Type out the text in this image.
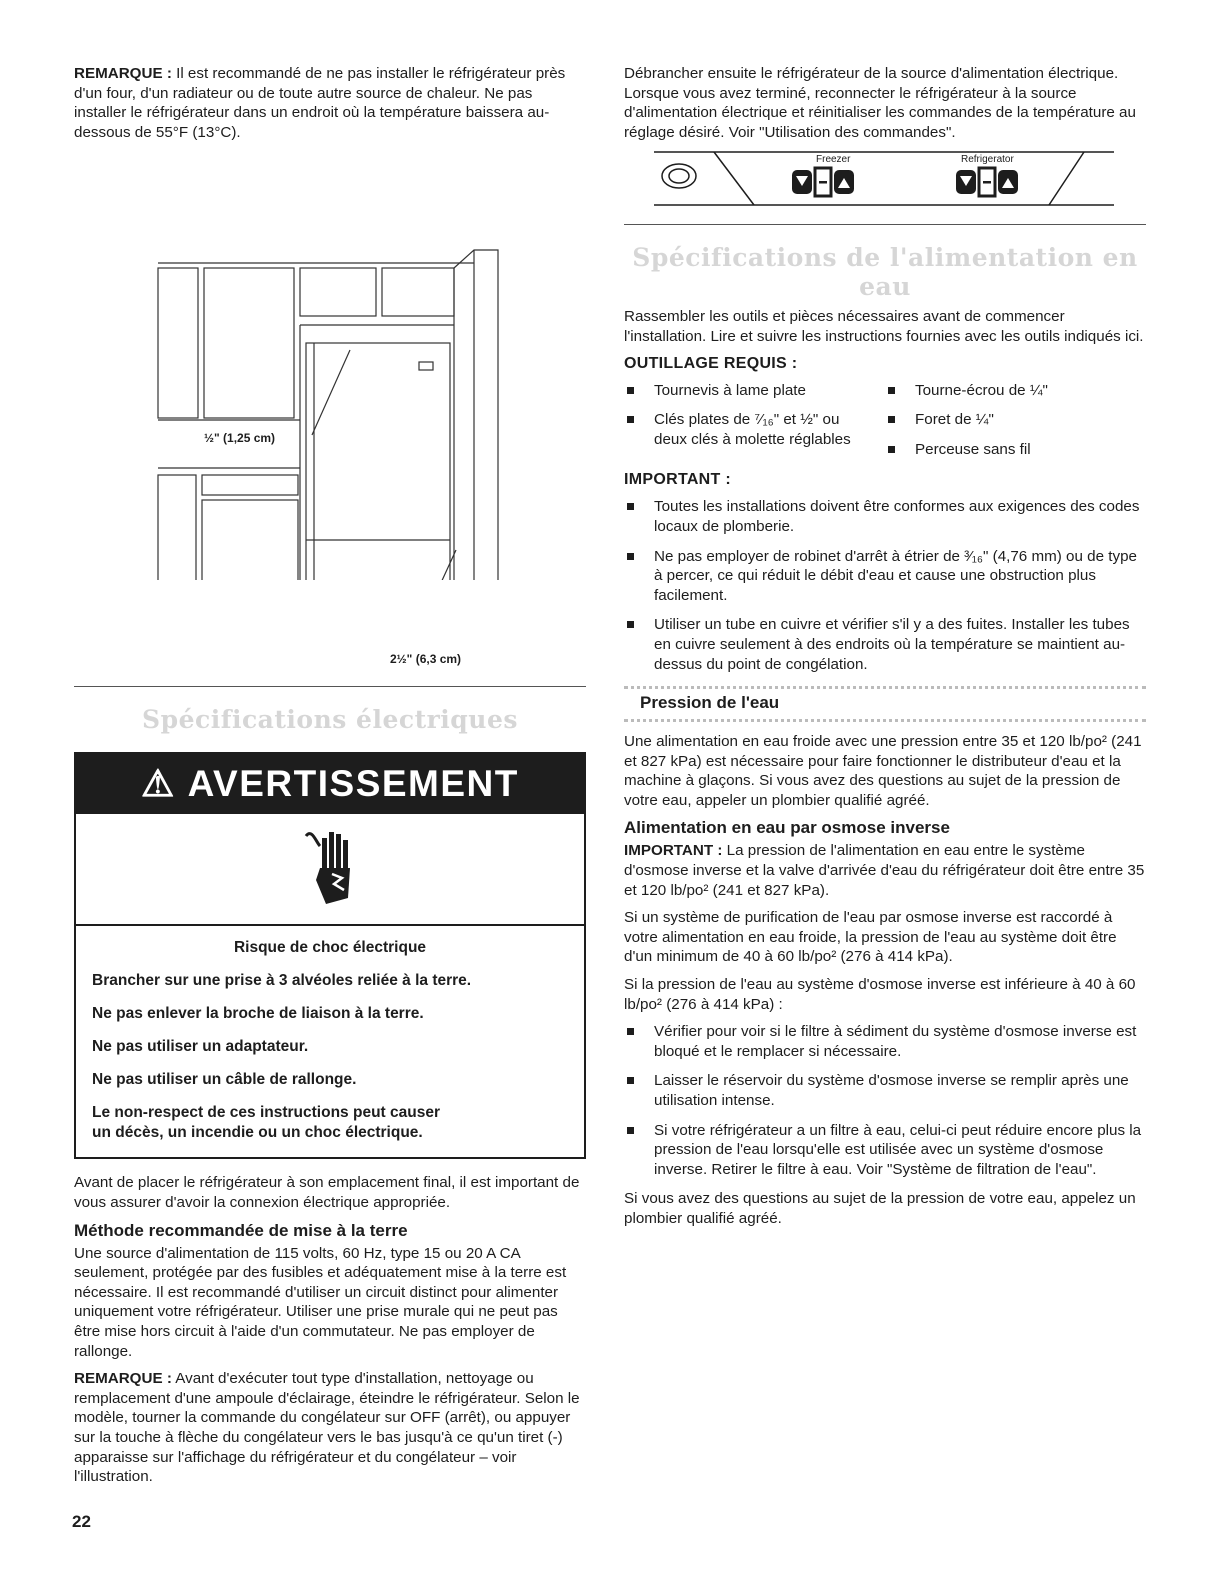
REMARQUE : Il est recommandé de ne pas installer le réfrigérateur près d'un four, d'un radiateur ou de toute autre source de chaleur. Ne pas installer le réfrigérateur dans un endroit où la température baissera au-dessous de 55°F (13°C).

½" (1,25 cm)
2½" (6,3 cm)
Spécifications électriques
⚠ AVERTISSEMENT

Risque de choc électrique

Brancher sur une prise à 3 alvéoles reliée à la terre.

Ne pas enlever la broche de liaison à la terre.

Ne pas utiliser un adaptateur.

Ne pas utiliser un câble de rallonge.

Le non-respect de ces instructions peut causer
un décès, un incendie ou un choc électrique.

Avant de placer le réfrigérateur à son emplacement final, il est important de vous assurer d'avoir la connexion électrique appropriée.

Méthode recommandée de mise à la terre

Une source d'alimentation de 115 volts, 60 Hz, type 15 ou 20 A CA seulement, protégée par des fusibles et adéquatement mise à la terre est nécessaire. Il est recommandé d'utiliser un circuit distinct pour alimenter uniquement votre réfrigérateur. Utiliser une prise murale qui ne peut pas être mise hors circuit à l'aide d'un commutateur. Ne pas employer de rallonge.

REMARQUE : Avant d'exécuter tout type d'installation, nettoyage ou remplacement d'une ampoule d'éclairage, éteindre le réfrigérateur. Selon le modèle, tourner la commande du congélateur sur OFF (arrêt), ou appuyer sur la touche à flèche du congélateur vers le bas jusqu'à ce qu'un tiret (-) apparaisse sur l'affichage du réfrigérateur et du congélateur – voir l'illustration.

Débrancher ensuite le réfrigérateur de la source d'alimentation électrique. Lorsque vous avez terminé, reconnecter le réfrigérateur à la source d'alimentation électrique et réinitialiser les commandes de la température au réglage désiré. Voir "Utilisation des commandes".

Freezer	Refrigerator
Spécifications de l'alimentation en eau

Rassembler les outils et pièces nécessaires avant de commencer l'installation. Lire et suivre les instructions fournies avec les outils indiqués ici.

OUTILLAGE REQUIS :
Tournevis à lame plate
Clés plates de ⁷⁄₁₆" et ½" ou deux clés à molette réglables
Tourne-écrou de ¼"
Foret de ¼"
Perceuse sans fil
IMPORTANT :
Toutes les installations doivent être conformes aux exigences des codes locaux de plomberie.
Ne pas employer de robinet d'arrêt à étrier de ³⁄₁₆" (4,76 mm) ou de type à percer, ce qui réduit le débit d'eau et cause une obstruction plus facilement.
Utiliser un tube en cuivre et vérifier s'il y a des fuites. Installer les tubes en cuivre seulement à des endroits où la température se maintient au-dessus du point de congélation.
Pression de l'eau

Une alimentation en eau froide avec une pression entre 35 et 120 lb/po² (241 et 827 kPa) est nécessaire pour faire fonctionner le distributeur d'eau et la machine à glaçons. Si vous avez des questions au sujet de la pression de votre eau, appeler un plombier qualifié agréé.

Alimentation en eau par osmose inverse

IMPORTANT : La pression de l'alimentation en eau entre le système d'osmose inverse et la valve d'arrivée d'eau du réfrigérateur doit être entre 35 et 120 lb/po² (241 et 827 kPa).

Si un système de purification de l'eau par osmose inverse est raccordé à votre alimentation en eau froide, la pression de l'eau au système doit être d'un minimum de 40 à 60 lb/po² (276 à 414 kPa).

Si la pression de l'eau au système d'osmose inverse est inférieure à 40 à 60 lb/po² (276 à 414 kPa) :

Vérifier pour voir si le filtre à sédiment du système d'osmose inverse est bloqué et le remplacer si nécessaire.
Laisser le réservoir du système d'osmose inverse se remplir après une utilisation intense.
Si votre réfrigérateur a un filtre à eau, celui-ci peut réduire encore plus la pression de l'eau lorsqu'elle est utilisée avec un système d'osmose inverse. Retirer le filtre à eau. Voir "Système de filtration de l'eau".

Si vous avez des questions au sujet de la pression de votre eau, appelez un plombier qualifié agréé.

22
